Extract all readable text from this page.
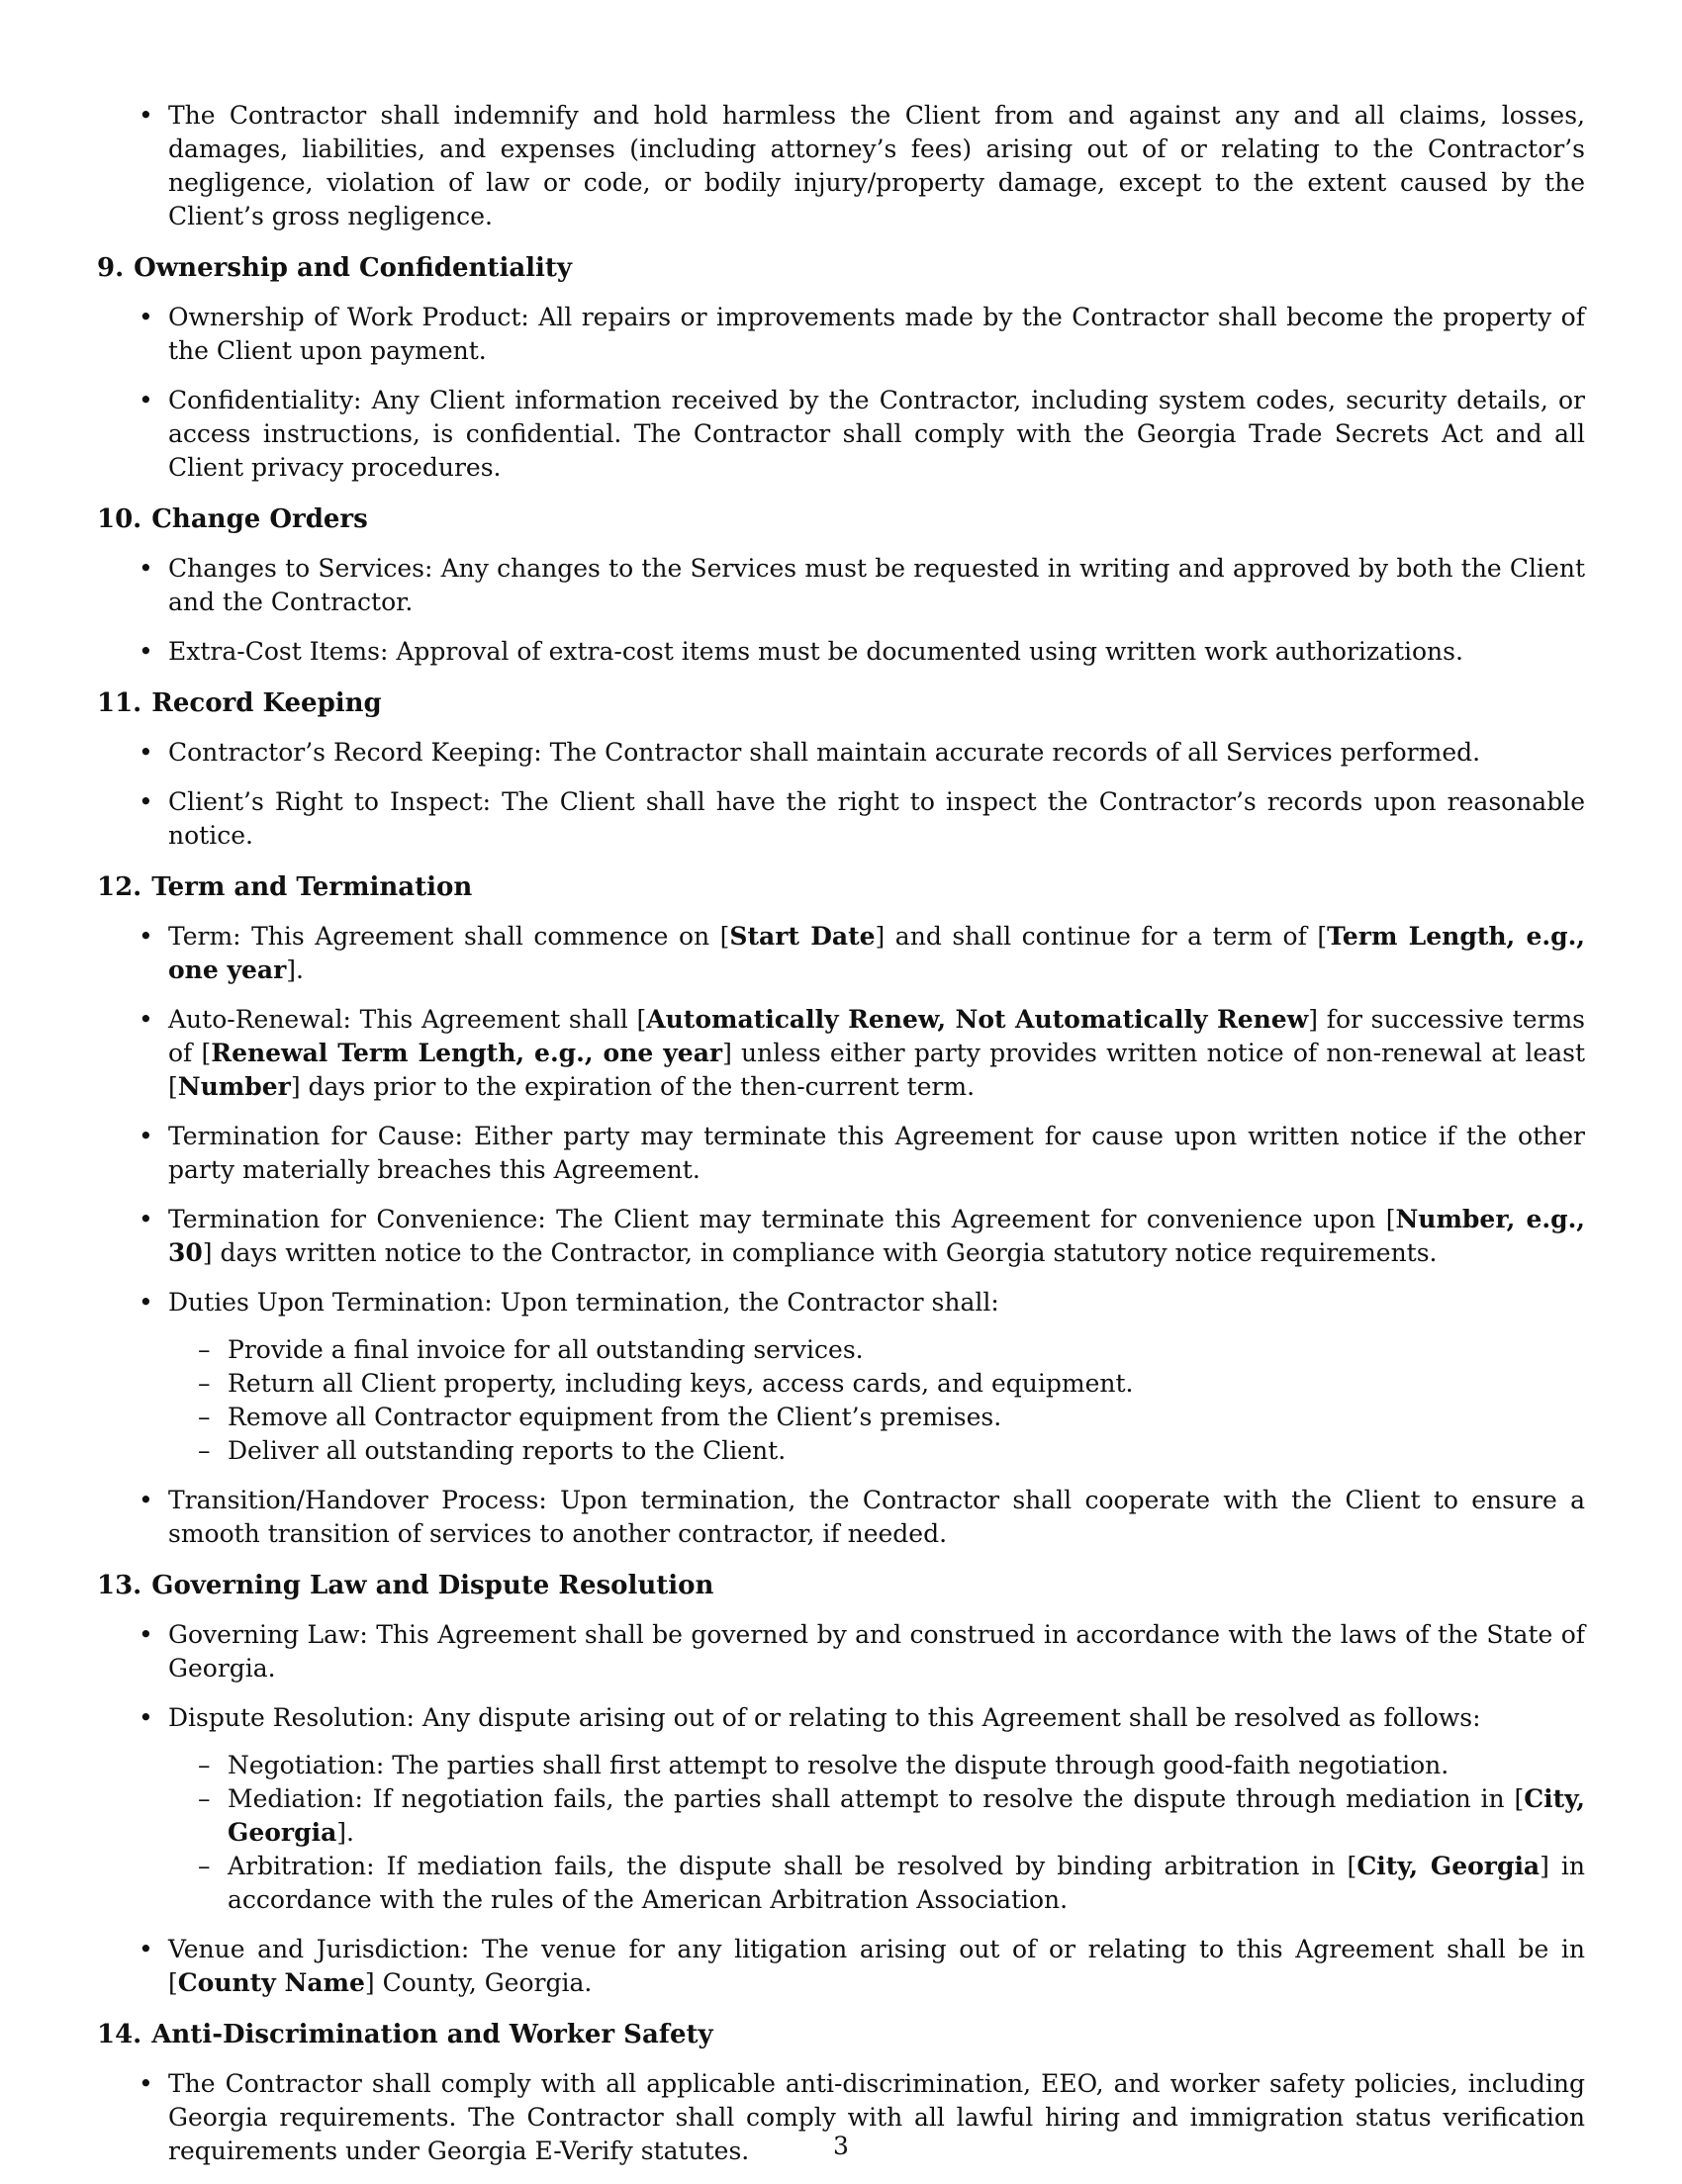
• The Contractor shall indemnify and hold harmless the Client from and against any and all claims, losses, damages, liabilities, and expenses (including attorney’s fees) arising out of or relating to the Contractor’s negligence, violation of law or code, or bodily injury/property damage, except to the extent caused by the Client’s gross negligence.
9. Ownership and Confidentiality
• Ownership of Work Product: All repairs or improvements made by the Contractor shall become the property of the Client upon payment.
• Confidentiality: Any Client information received by the Contractor, including system codes, security details, or access instructions, is confidential. The Contractor shall comply with the Georgia Trade Secrets Act and all Client privacy procedures.
10. Change Orders
• Changes to Services: Any changes to the Services must be requested in writing and approved by both the Client and the Contractor.
• Extra-Cost Items: Approval of extra-cost items must be documented using written work authorizations.
11. Record Keeping
• Contractor’s Record Keeping: The Contractor shall maintain accurate records of all Services performed.
• Client’s Right to Inspect: The Client shall have the right to inspect the Contractor’s records upon reasonable notice.
12. Term and Termination
• Term: This Agreement shall commence on [Start Date] and shall continue for a term of [Term Length, e.g., one year].
• Auto-Renewal: This Agreement shall [Automatically Renew, Not Automatically Renew] for successive terms of [Renewal Term Length, e.g., one year] unless either party provides written notice of non-renewal at least [Number] days prior to the expiration of the then-current term.
• Termination for Cause: Either party may terminate this Agreement for cause upon written notice if the other party materially breaches this Agreement.
• Termination for Convenience: The Client may terminate this Agreement for convenience upon [Number, e.g., 30] days written notice to the Contractor, in compliance with Georgia statutory notice requirements.
• Duties Upon Termination: Upon termination, the Contractor shall:
– Provide a final invoice for all outstanding services.
– Return all Client property, including keys, access cards, and equipment.
– Remove all Contractor equipment from the Client’s premises.
– Deliver all outstanding reports to the Client.
• Transition/Handover Process: Upon termination, the Contractor shall cooperate with the Client to ensure a smooth transition of services to another contractor, if needed.
13. Governing Law and Dispute Resolution
• Governing Law: This Agreement shall be governed by and construed in accordance with the laws of the State of Georgia.
• Dispute Resolution: Any dispute arising out of or relating to this Agreement shall be resolved as follows:
– Negotiation: The parties shall first attempt to resolve the dispute through good-faith negotiation.
– Mediation: If negotiation fails, the parties shall attempt to resolve the dispute through mediation in [City, Georgia].
– Arbitration: If mediation fails, the dispute shall be resolved by binding arbitration in [City, Georgia] in accordance with the rules of the American Arbitration Association.
• Venue and Jurisdiction: The venue for any litigation arising out of or relating to this Agreement shall be in [County Name] County, Georgia.
14. Anti-Discrimination and Worker Safety
• The Contractor shall comply with all applicable anti-discrimination, EEO, and worker safety policies, including Georgia requirements. The Contractor shall comply with all lawful hiring and immigration status verification requirements under Georgia E-Verify statutes.	3
